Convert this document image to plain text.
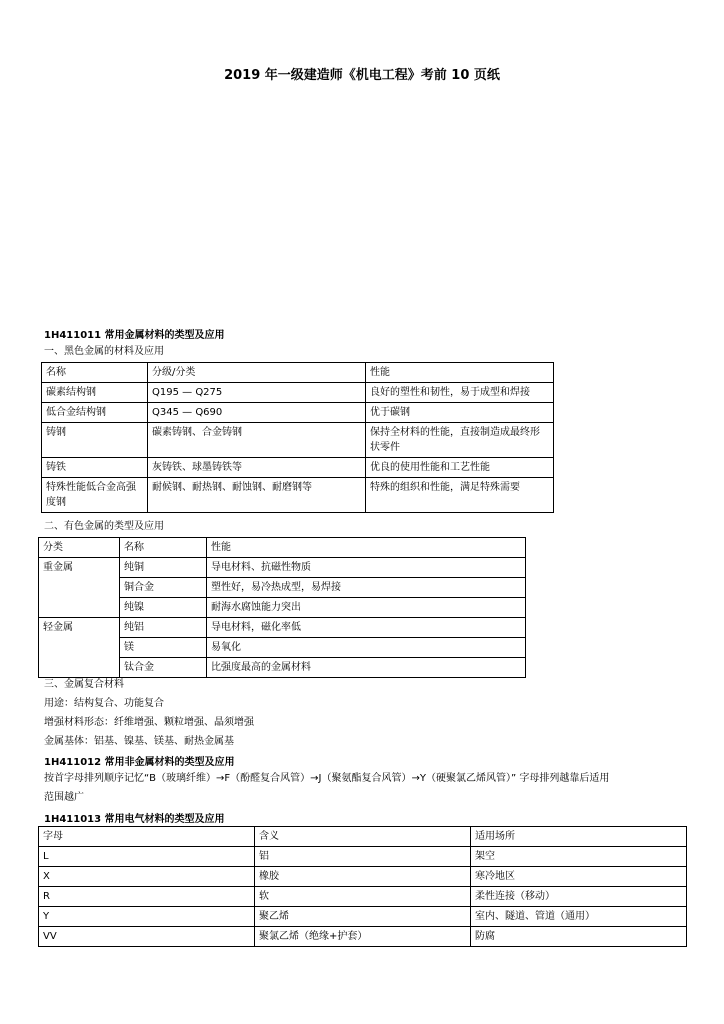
2019 年一级建造师《机电工程》考前 10 页纸
1H411011 常用金属材料的类型及应用
一、黑色金属的材料及应用
名称	分级/分类	性能
碳素结构钢	Q195 — Q275	良好的塑性和韧性，易于成型和焊接
低合金结构钢	Q345 — Q690	优于碳钢
铸钢	碳素铸钢、合金铸钢	保持全材料的性能，直接制造成最终形状零件
铸铁	灰铸铁、球墨铸铁等	优良的使用性能和工艺性能
特殊性能低合金高强度钢	耐候钢、耐热钢、耐蚀钢、耐磨钢等	特殊的组织和性能，满足特殊需要
二、有色金属的类型及应用
分类	名称	性能
重金属	纯铜	导电材料、抗磁性物质
	铜合金	塑性好，易冷热成型，易焊接
	纯镍	耐海水腐蚀能力突出
轻金属	纯铝	导电材料，磁化率低
	镁	易氧化
	钛合金	比强度最高的金属材料
三、金属复合材料
用途：结构复合、功能复合
增强材料形态：纤维增强、颗粒增强、晶须增强
金属基体：铝基、镍基、镁基、耐热金属基
1H411012 常用非金属材料的类型及应用
按首字母排列顺序记忆“B（玻璃纤维）→F（酚醛复合风管）→J（聚氨酯复合风管）→Y（硬聚氯乙烯风管）” 字母排列越靠后适用
范围越广
1H411013 常用电气材料的类型及应用
字母	含义	适用场所
L	铝	架空
X	橡胶	寒冷地区
R	软	柔性连接（移动）
Y	聚乙烯	室内、隧道、管道（通用）
VV	聚氯乙烯（绝缘+护套）	防腐
